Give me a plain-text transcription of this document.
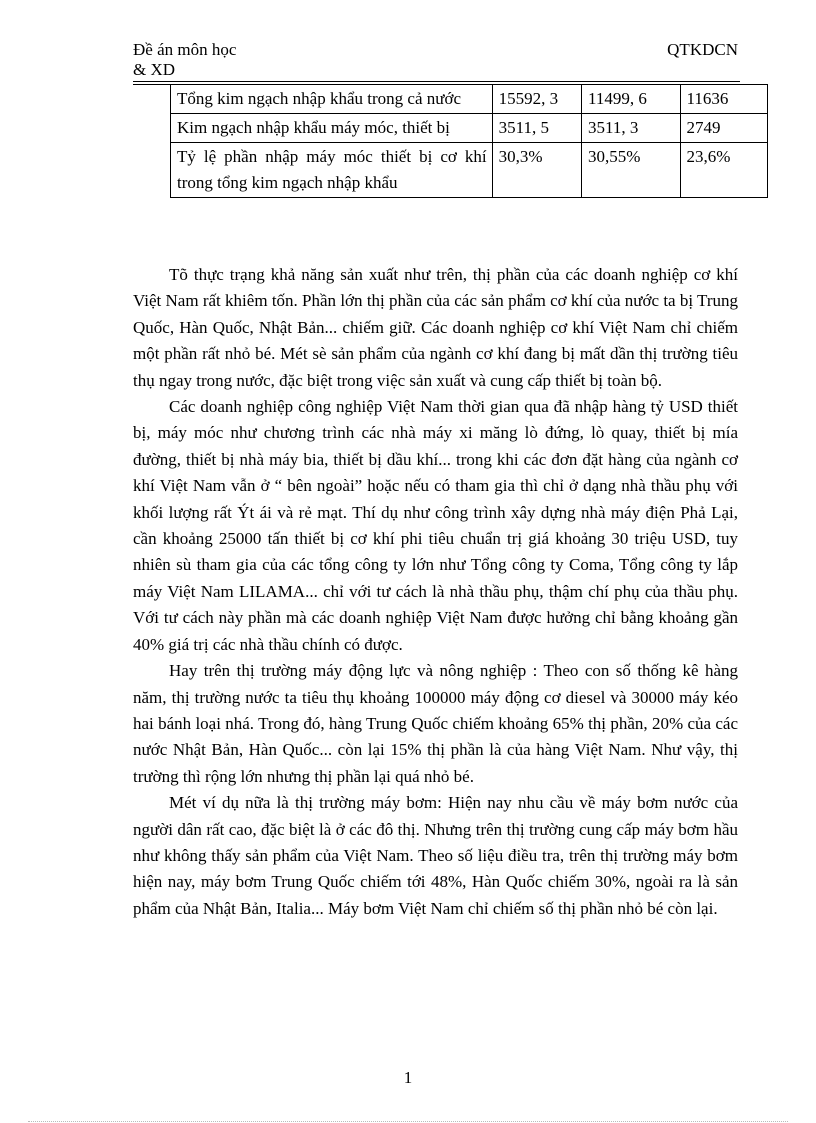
Đề án môn học
& XD
QTKDCN
Tổng kim ngạch nhập khẩu trong cả nước	15592, 3	11499, 6	11636
Kim ngạch nhập khẩu máy móc, thiết bị	3511, 5	3511, 3	2749
Tỷ lệ phần nhập máy móc thiết bị cơ khí trong tổng kim ngạch nhập khẩu	30,3%	30,55%	23,6%

Tõ thực trạng khả năng sản xuất như trên, thị phần của các doanh nghiệp cơ khí Việt Nam rất khiêm tốn. Phần lớn thị phần của các sản phẩm cơ khí của nước ta bị Trung Quốc, Hàn Quốc, Nhật Bản... chiếm giữ. Các doanh nghiệp cơ khí Việt Nam chỉ chiếm một phần rất nhỏ bé. Mét sè sản phẩm của ngành cơ khí đang bị mất dần thị trường tiêu thụ ngay trong nước, đặc biệt trong việc sản xuất và cung cấp thiết bị toàn bộ.

Các doanh nghiệp công nghiệp Việt Nam thời gian qua đã nhập hàng tỷ USD thiết bị, máy móc như chương trình các nhà máy xi măng lò đứng, lò quay, thiết bị mía đường, thiết bị nhà máy bia, thiết bị dầu khí... trong khi các đơn đặt hàng của ngành cơ khí Việt Nam vẫn ở “ bên ngoài” hoặc nếu có tham gia thì chỉ ở dạng nhà thầu phụ với khối lượng rất Ýt ái và rẻ mạt. Thí dụ như công trình xây dựng nhà máy điện Phả Lại, cần khoảng 25000 tấn thiết bị cơ khí phi tiêu chuẩn trị giá khoảng 30 triệu USD, tuy nhiên sù tham gia của các tổng công ty lớn như Tổng công ty Coma, Tổng công ty lắp máy Việt Nam LILAMA... chỉ với tư cách là nhà thầu phụ, thậm chí phụ của thầu phụ. Với tư cách này phần mà các doanh nghiệp Việt Nam được hưởng chỉ bằng khoảng gần 40% giá trị các nhà thầu chính có được.

Hay trên thị trường máy động lực và nông nghiệp : Theo con số thống kê hàng năm, thị trường nước ta tiêu thụ khoảng 100000 máy động cơ diesel và 30000 máy kéo hai bánh loại nhá. Trong đó, hàng Trung Quốc chiếm khoảng 65% thị phần, 20% của các nước Nhật Bản, Hàn Quốc... còn lại 15% thị phần là của hàng Việt Nam. Như vậy, thị trường thì rộng lớn nhưng thị phần lại quá nhỏ bé.

Mét ví dụ nữa là thị trường máy bơm: Hiện nay nhu cầu về máy bơm nước của người dân rất cao, đặc biệt là ở các đô thị. Nhưng trên thị trường cung cấp máy bơm hầu như không thấy sản phẩm của Việt Nam. Theo số liệu điều tra, trên thị trường máy bơm hiện nay, máy bơm Trung Quốc chiếm tới 48%, Hàn Quốc chiếm 30%, ngoài ra là sản phẩm của Nhật Bản, Italia... Máy bơm Việt Nam chỉ chiếm số thị phần nhỏ bé còn lại.

1
